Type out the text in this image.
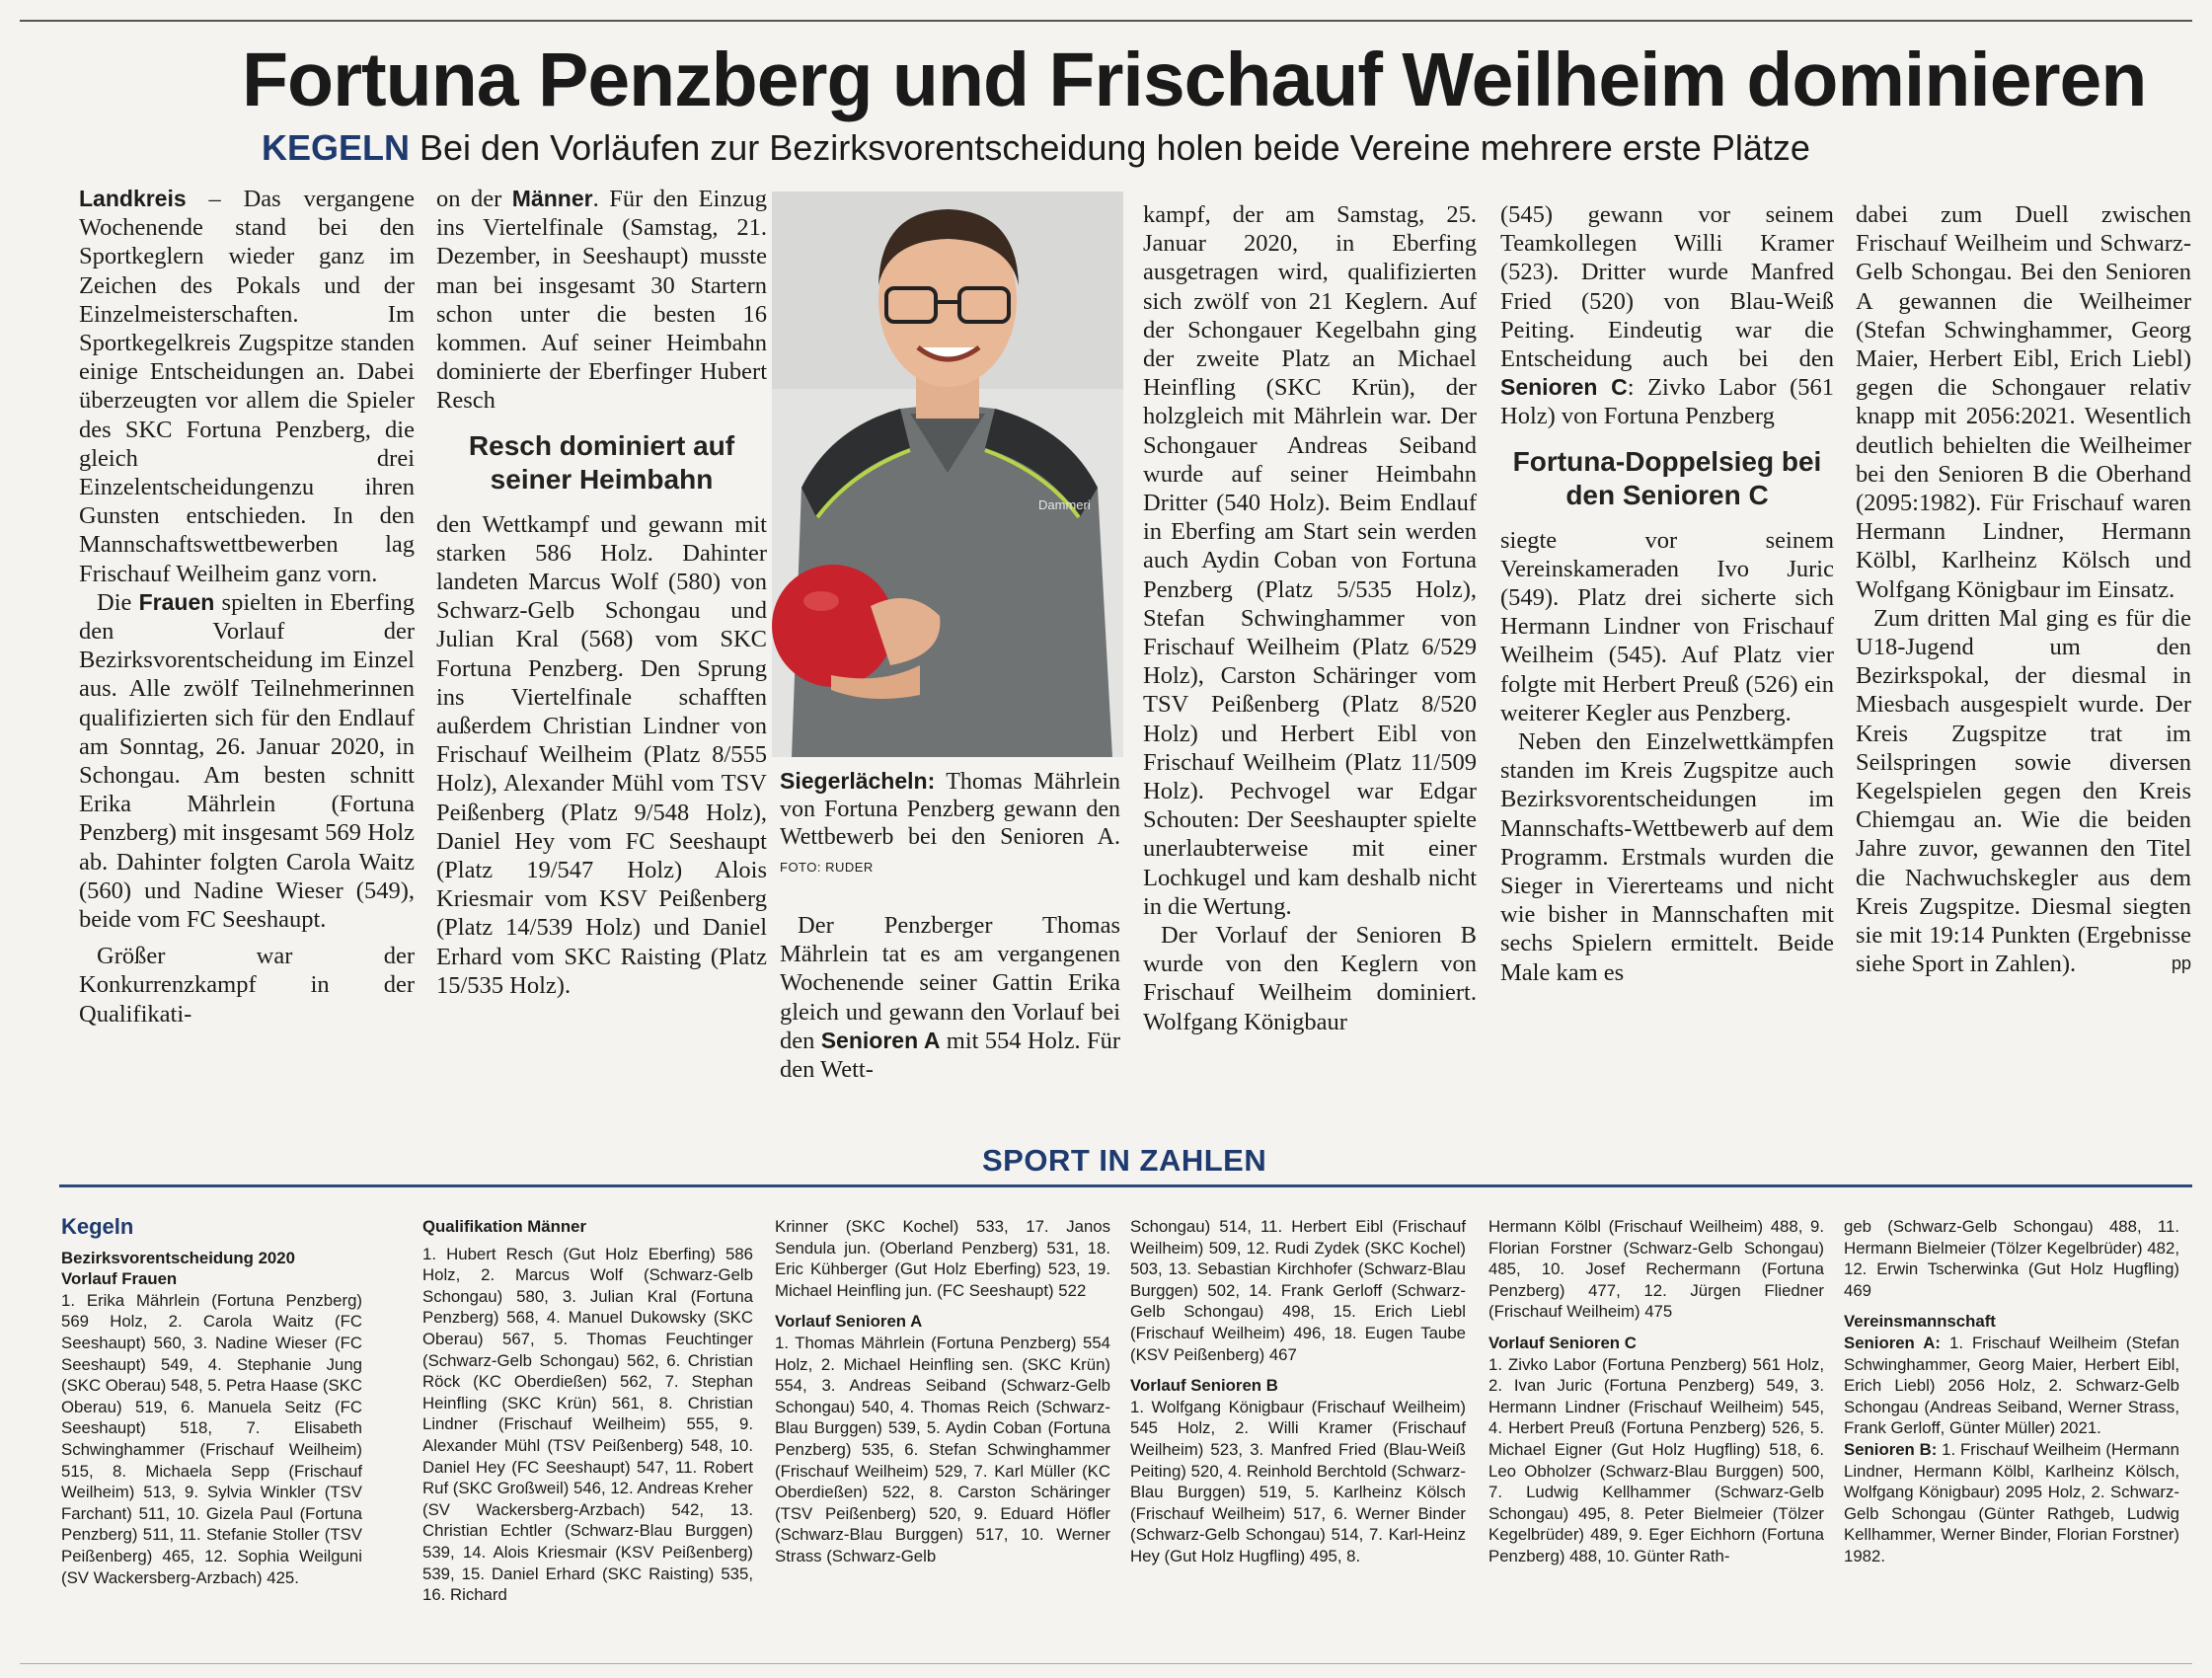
Fortuna Penzberg und Frischauf Weilheim dominieren
KEGELN Bei den Vorläufen zur Bezirksvorentscheidung holen beide Vereine mehrere erste Plätze

Landkreis – Das vergangene Wochenende stand bei den Sportkeglern wieder ganz im Zeichen des Pokals und der Einzelmeisterschaften. Im Sportkegelkreis Zugspitze standen einige Entscheidungen an. Dabei überzeugten vor allem die Spieler des SKC Fortuna Penzberg, die gleich drei Einzelentscheidungenzu ihren Gunsten entschieden. In den Mannschaftswettbewerben lag Frischauf Weilheim ganz vorn.

Die Frauen spielten in Eberfing den Vorlauf der Bezirksvorentscheidung im Einzel aus. Alle zwölf Teilnehmerinnen qualifizierten sich für den Endlauf am Sonntag, 26. Januar 2020, in Schongau. Am besten schnitt Erika Mährlein (Fortuna Penzberg) mit insgesamt 569 Holz ab. Dahinter folgten Carola Waitz (560) und Nadine Wieser (549), beide vom FC Seeshaupt.

Größer war der Konkurrenzkampf in der Qualifikati-

on der Männer. Für den Einzug ins Viertelfinale (Samstag, 21. Dezember, in Seeshaupt) musste man bei insgesamt 30 Startern schon unter die besten 16 kommen. Auf seiner Heimbahn dominierte der Eberfinger Hubert Resch

Resch dominiert auf seiner Heimbahn

den Wettkampf und gewann mit starken 586 Holz. Dahinter landeten Marcus Wolf (580) von Schwarz-Gelb Schongau und Julian Kral (568) vom SKC Fortuna Penzberg. Den Sprung ins Viertelfinale schafften außerdem Christian Lindner von Frischauf Weilheim (Platz 8/555 Holz), Alexander Mühl vom TSV Peißenberg (Platz 9/548 Holz), Daniel Hey vom FC Seeshaupt (Platz 19/547 Holz) Alois Kriesmair vom KSV Peißenberg (Platz 14/539 Holz) und Daniel Erhard vom SKC Raisting (Platz 15/535 Holz).

Dammeri
Siegerlächeln: Thomas Mährlein von Fortuna Penzberg gewann den Wettbewerb bei den Senioren A. FOTO: RUDER

Der Penzberger Thomas Mährlein tat es am vergangenen Wochenende seiner Gattin Erika gleich und gewann den Vorlauf bei den Senioren A mit 554 Holz. Für den Wett-

kampf, der am Samstag, 25. Januar 2020, in Eberfing ausgetragen wird, qualifizierten sich zwölf von 21 Keglern. Auf der Schongauer Kegelbahn ging der zweite Platz an Michael Heinfling (SKC Krün), der holzgleich mit Mährlein war. Der Schongauer Andreas Seiband wurde auf seiner Heimbahn Dritter (540 Holz). Beim Endlauf in Eberfing am Start sein werden auch Aydin Coban von Fortuna Penzberg (Platz 5/535 Holz), Stefan Schwinghammer von Frischauf Weilheim (Platz 6/529 Holz), Carston Schäringer vom TSV Peißenberg (Platz 8/520 Holz) und Herbert Eibl von Frischauf Weilheim (Platz 11/509 Holz). Pechvogel war Edgar Schouten: Der Seeshaupter spielte unerlaubterweise mit einer Lochkugel und kam deshalb nicht in die Wertung.

Der Vorlauf der Senioren B wurde von den Keglern von Frischauf Weilheim dominiert. Wolfgang Königbaur

(545) gewann vor seinem Teamkollegen Willi Kramer (523). Dritter wurde Manfred Fried (520) von Blau-Weiß Peiting. Eindeutig war die Entscheidung auch bei den Senioren C: Zivko Labor (561 Holz) von Fortuna Penzberg

Fortuna-Doppelsieg bei den Senioren C

siegte vor seinem Vereinskameraden Ivo Juric (549). Platz drei sicherte sich Hermann Lindner von Frischauf Weilheim (545). Auf Platz vier folgte mit Herbert Preuß (526) ein weiterer Kegler aus Penzberg.

Neben den Einzelwettkämpfen standen im Kreis Zugspitze auch Bezirksvorentscheidungen im Mannschafts-Wettbewerb auf dem Programm. Erstmals wurden die Sieger in Viererteams und nicht wie bisher in Mannschaften mit sechs Spielern ermittelt. Beide Male kam es

dabei zum Duell zwischen Frischauf Weilheim und Schwarz-Gelb Schongau. Bei den Senioren A gewannen die Weilheimer (Stefan Schwinghammer, Georg Maier, Herbert Eibl, Erich Liebl) gegen die Schongauer relativ knapp mit 2056:2021. Wesentlich deutlich behielten die Weilheimer bei den Senioren B die Oberhand (2095:1982). Für Frischauf waren Hermann Lindner, Hermann Kölbl, Karlheinz Kölsch und Wolfgang Königbaur im Einsatz.

Zum dritten Mal ging es für die U18-Jugend um den Bezirkspokal, der diesmal in Miesbach ausgespielt wurde. Der Kreis Zugspitze trat im Seilspringen sowie diversen Kegelspielen gegen den Kreis Chiemgau an. Wie die beiden Jahre zuvor, gewannen den Titel die Nachwuchskegler aus dem Kreis Zugspitze. Diesmal siegten sie mit 19:14 Punkten (Ergebnisse siehe Sport in Zahlen).	pp

SPORT IN ZAHLEN
Kegeln
Bezirksvorentscheidung 2020
Vorlauf Frauen
1. Erika Mährlein (Fortuna Penzberg) 569 Holz, 2. Carola Waitz (FC Seeshaupt) 560, 3. Nadine Wieser (FC Seeshaupt) 549, 4. Stephanie Jung (SKC Oberau) 548, 5. Petra Haase (SKC Oberau) 519, 6. Manuela Seitz (FC Seeshaupt) 518, 7. Elisabeth Schwinghammer (Frischauf Weilheim) 515, 8. Michaela Sepp (Frischauf Weilheim) 513, 9. Sylvia Winkler (TSV Farchant) 511, 10. Gizela Paul (Fortuna Penzberg) 511, 11. Stefanie Stoller (TSV Peißenberg) 465, 12. Sophia Weilguni (SV Wackersberg-Arzbach) 425.
Qualifikation Männer
1. Hubert Resch (Gut Holz Eberfing) 586 Holz, 2. Marcus Wolf (Schwarz-Gelb Schongau) 580, 3. Julian Kral (Fortuna Penzberg) 568, 4. Manuel Dukowsky (SKC Oberau) 567, 5. Thomas Feuchtinger (Schwarz-Gelb Schongau) 562, 6. Christian Röck (KC Oberdießen) 562, 7. Stephan Heinfling (SKC Krün) 561, 8. Christian Lindner (Frischauf Weilheim) 555, 9. Alexander Mühl (TSV Peißenberg) 548, 10. Daniel Hey (FC Seeshaupt) 547, 11. Robert Ruf (SKC Großweil) 546, 12. Andreas Kreher (SV Wackersberg-Arzbach) 542, 13. Christian Echtler (Schwarz-Blau Burggen) 539, 14. Alois Kriesmair (KSV Peißenberg) 539, 15. Daniel Erhard (SKC Raisting) 535, 16. Richard
Krinner (SKC Kochel) 533, 17. Janos Sendula jun. (Oberland Penzberg) 531, 18. Eric Kühberger (Gut Holz Eberfing) 523, 19. Michael Heinfling jun. (FC Seeshaupt) 522
Vorlauf Senioren A
1. Thomas Mährlein (Fortuna Penzberg) 554 Holz, 2. Michael Heinfling sen. (SKC Krün) 554, 3. Andreas Seiband (Schwarz-Gelb Schongau) 540, 4. Thomas Reich (Schwarz-Blau Burggen) 539, 5. Aydin Coban (Fortuna Penzberg) 535, 6. Stefan Schwinghammer (Frischauf Weilheim) 529, 7. Karl Müller (KC Oberdießen) 522, 8. Carston Schäringer (TSV Peißenberg) 520, 9. Eduard Höfler (Schwarz-Blau Burggen) 517, 10. Werner Strass (Schwarz-Gelb
Schongau) 514, 11. Herbert Eibl (Frischauf Weilheim) 509, 12. Rudi Zydek (SKC Kochel) 503, 13. Sebastian Kirchhofer (Schwarz-Blau Burggen) 502, 14. Frank Gerloff (Schwarz-Gelb Schongau) 498, 15. Erich Liebl (Frischauf Weilheim) 496, 18. Eugen Taube (KSV Peißenberg) 467
Vorlauf Senioren B
1. Wolfgang Königbaur (Frischauf Weilheim) 545 Holz, 2. Willi Kramer (Frischauf Weilheim) 523, 3. Manfred Fried (Blau-Weiß Peiting) 520, 4. Reinhold Berchtold (Schwarz-Blau Burggen) 519, 5. Karlheinz Kölsch (Frischauf Weilheim) 517, 6. Werner Binder (Schwarz-Gelb Schongau) 514, 7. Karl-Heinz Hey (Gut Holz Hugfling) 495, 8.
Hermann Kölbl (Frischauf Weilheim) 488, 9. Florian Forstner (Schwarz-Gelb Schongau) 485, 10. Josef Rechermann (Fortuna Penzberg) 477, 12. Jürgen Fliedner (Frischauf Weilheim) 475
Vorlauf Senioren C
1. Zivko Labor (Fortuna Penzberg) 561 Holz, 2. Ivan Juric (Fortuna Penzberg) 549, 3. Hermann Lindner (Frischauf Weilheim) 545, 4. Herbert Preuß (Fortuna Penzberg) 526, 5. Michael Eigner (Gut Holz Hugfling) 518, 6. Leo Obholzer (Schwarz-Blau Burggen) 500, 7. Ludwig Kellhammer (Schwarz-Gelb Schongau) 495, 8. Peter Bielmeier (Tölzer Kegelbrüder) 489, 9. Eger Eichhorn (Fortuna Penzberg) 488, 10. Günter Rath-
geb (Schwarz-Gelb Schongau) 488, 11. Hermann Bielmeier (Tölzer Kegelbrüder) 482, 12. Erwin Tscherwinka (Gut Holz Hugfling) 469
Vereinsmannschaft
Senioren A: 1. Frischauf Weilheim (Stefan Schwinghammer, Georg Maier, Herbert Eibl, Erich Liebl) 2056 Holz, 2. Schwarz-Gelb Schongau (Andreas Seiband, Werner Strass, Frank Gerloff, Günter Müller) 2021.
Senioren B: 1. Frischauf Weilheim (Hermann Lindner, Hermann Kölbl, Karlheinz Kölsch, Wolfgang Königbaur) 2095 Holz, 2. Schwarz-Gelb Schongau (Günter Rathgeb, Ludwig Kellhammer, Werner Binder, Florian Forstner) 1982.
